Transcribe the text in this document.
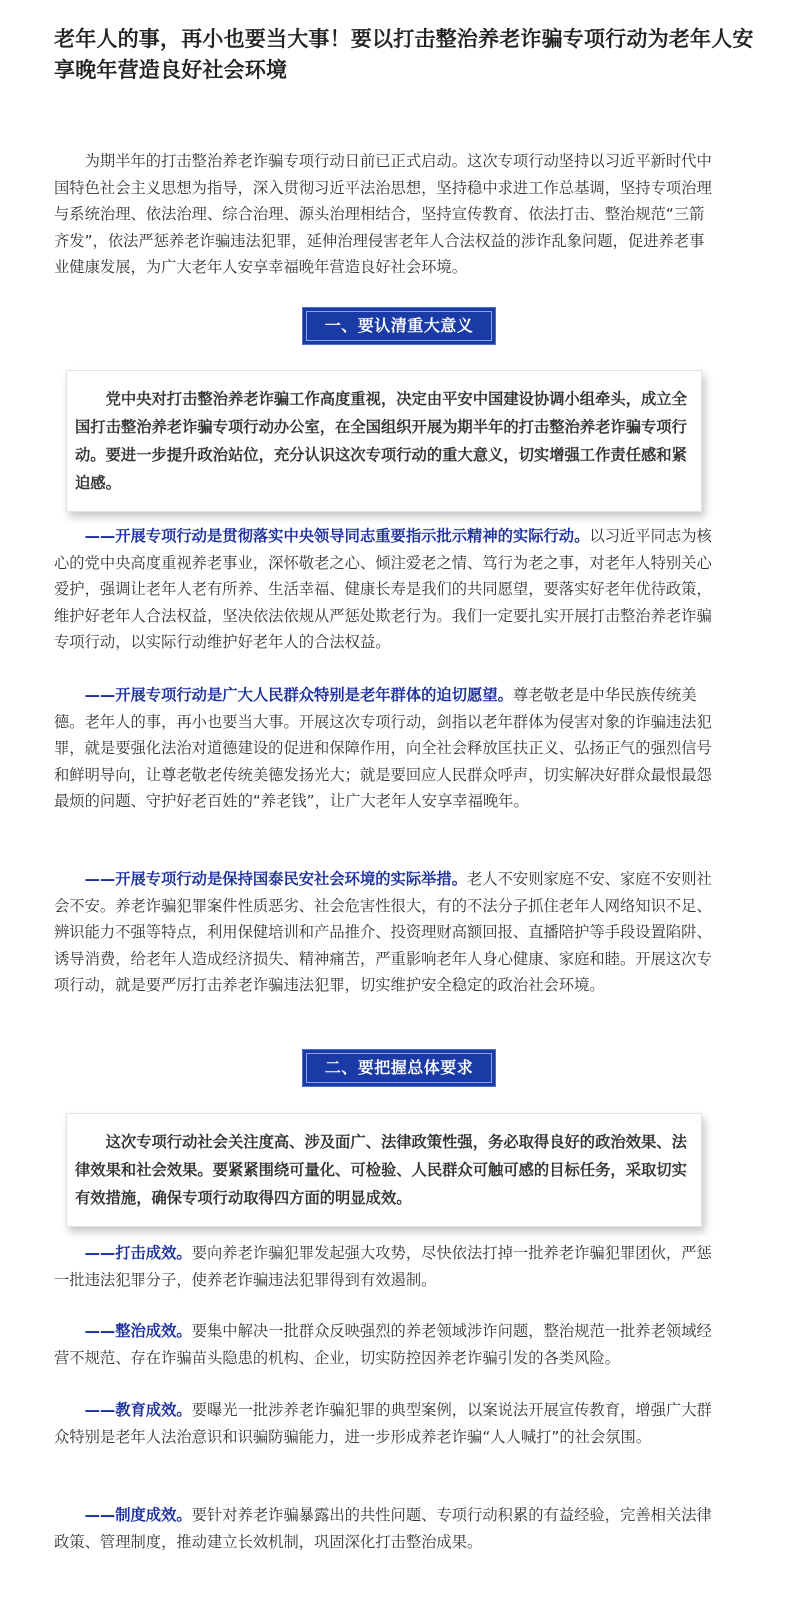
老年人的事，再小也要当大事！要以打击整治养老诈骗专项行动为老年人安享晚年营造良好社会环境

为期半年的打击整治养老诈骗专项行动日前已正式启动。这次专项行动坚持以习近平新时代中国特色社会主义思想为指导，深入贯彻习近平法治思想，坚持稳中求进工作总基调，坚持专项治理与系统治理、依法治理、综合治理、源头治理相结合，坚持宣传教育、依法打击、整治规范“三箭齐发”，依法严惩养老诈骗违法犯罪，延伸治理侵害老年人合法权益的涉诈乱象问题，促进养老事业健康发展，为广大老年人安享幸福晚年营造良好社会环境。

一、要认清重大意义

党中央对打击整治养老诈骗工作高度重视，决定由平安中国建设协调小组牵头，成立全国打击整治养老诈骗专项行动办公室，在全国组织开展为期半年的打击整治养老诈骗专项行动。要进一步提升政治站位，充分认识这次专项行动的重大意义，切实增强工作责任感和紧迫感。

——开展专项行动是贯彻落实中央领导同志重要指示批示精神的实际行动。以习近平同志为核心的党中央高度重视养老事业，深怀敬老之心、倾注爱老之情、笃行为老之事，对老年人特别关心爱护，强调让老年人老有所养、生活幸福、健康长寿是我们的共同愿望，要落实好老年优待政策，维护好老年人合法权益，坚决依法依规从严惩处欺老行为。我们一定要扎实开展打击整治养老诈骗专项行动，以实际行动维护好老年人的合法权益。

——开展专项行动是广大人民群众特别是老年群体的迫切愿望。尊老敬老是中华民族传统美德。老年人的事，再小也要当大事。开展这次专项行动，剑指以老年群体为侵害对象的诈骗违法犯罪，就是要强化法治对道德建设的促进和保障作用，向全社会释放匡扶正义、弘扬正气的强烈信号和鲜明导向，让尊老敬老传统美德发扬光大；就是要回应人民群众呼声，切实解决好群众最恨最怨最烦的问题、守护好老百姓的“养老钱”，让广大老年人安享幸福晚年。

——开展专项行动是保持国泰民安社会环境的实际举措。老人不安则家庭不安、家庭不安则社会不安。养老诈骗犯罪案件性质恶劣、社会危害性很大，有的不法分子抓住老年人网络知识不足、辨识能力不强等特点，利用保健培训和产品推介、投资理财高额回报、直播陪护等手段设置陷阱、诱导消费，给老年人造成经济损失、精神痛苦，严重影响老年人身心健康、家庭和睦。开展这次专项行动，就是要严厉打击养老诈骗违法犯罪，切实维护安全稳定的政治社会环境。

二、要把握总体要求

这次专项行动社会关注度高、涉及面广、法律政策性强，务必取得良好的政治效果、法律效果和社会效果。要紧紧围绕可量化、可检验、人民群众可触可感的目标任务，采取切实有效措施，确保专项行动取得四方面的明显成效。

——打击成效。要向养老诈骗犯罪发起强大攻势，尽快依法打掉一批养老诈骗犯罪团伙，严惩一批违法犯罪分子，使养老诈骗违法犯罪得到有效遏制。

——整治成效。要集中解决一批群众反映强烈的养老领域涉诈问题，整治规范一批养老领域经营不规范、存在诈骗苗头隐患的机构、企业，切实防控因养老诈骗引发的各类风险。

——教育成效。要曝光一批涉养老诈骗犯罪的典型案例，以案说法开展宣传教育，增强广大群众特别是老年人法治意识和识骗防骗能力，进一步形成养老诈骗“人人喊打”的社会氛围。

——制度成效。要针对养老诈骗暴露出的共性问题、专项行动积累的有益经验，完善相关法律政策、管理制度，推动建立长效机制，巩固深化打击整治成果。
